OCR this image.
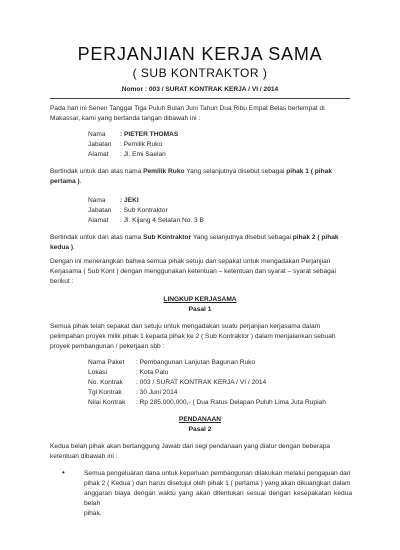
PERJANJIAN KERJA SAMA
( SUB KONTRAKTOR )
Nomor : 003 / SURAT KONTRAK KERJA / VI / 2014
Pada hari ini Senen Tanggal Tiga Puluh Bulan Juni Tahun Dua Ribu Empat Belas bertempat di
Makassar, kami yang bertanda tangan dibawah ini :
Nama : PIETER THOMAS
Jabatan : Pemilik Ruko
Alamat : Jl. Emi Saelan
Bertindak untuk dan atas nama Pemilik Ruko Yang selanjutnya disebut sebagai pihak 1 ( pihak
pertama ).
Nama : JEKI
Jabatan : Sub Kontraktor
Alamat : Jl. Kijang 4 Selatan No. 3 B
Bertindak untuk dan atas nama Sub Kontraktor Yang selanjutnya disebut sebagai pihak 2 ( pihak
kedua ).
Dengan ini menerangkan bahwa semua pihak setuju dan sepakat untuk mengadakan Perjanjian
Kerjasama ( Sub Kont ) dengan menggunakan ketentuan – ketentuan dan syarat – syarat sebagai
berikut :
LINGKUP KERJASAMA
Pasal 1
Semua pihak telah sepakat dan setuju untuk mengadakan suatu perjanjian kerjasama dalam
pelimpahan proyek milik pihak 1 kepada pihak ke 2 ( Sub Kontraktor ) dalam menjalankan sebuah
proyek pembangunan / pekerjaan sbb :
Nama Paket : Pembangunan Lanjutan Bagunan Ruko
Lokasi	: Kota Palu
No. Kontrak : 003 / SURAT KONTRAK KERJA / VI / 2014
Tgl Kontrak : 30 Juni 2014
Nilai Kontrak : Rp 285.000.000,- ( Dua Ratus Delapan Puluh Lima Juta Rupiah
PENDANAAN
Pasal 2
Kedua belah pihak akan bertanggung Jawab dari segi pendanaan yang diatur dengan beberapa
ketentuan dibawah ini :
•	Semua pengeluaran dana untuk keperluan pembangunan dilakukan melalui pengajuan dari
pihak 2 ( Kedua ) dan harus disetujui oleh pihak 1 ( pertama ) yang akan dikuangkan dalam
anggaran biaya dengan waktu yang akan ditentukan sesuai dengan kesepakatan kedua belah
pihak.
